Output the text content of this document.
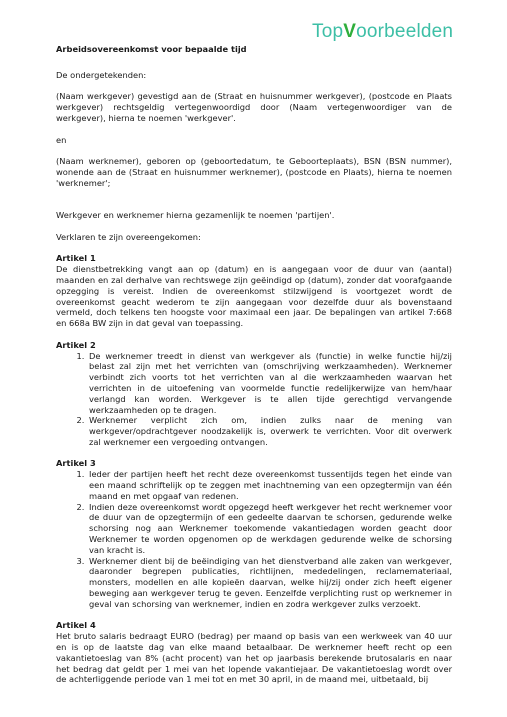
TopVoorbeelden
Arbeidsovereenkomst voor bepaalde tijd

De ondergetekenden:

(Naam werkgever) gevestigd aan de (Straat en huisnummer werkgever), (postcode en Plaats werkgever) rechtsgeldig vertegenwoordigd door (Naam vertegenwoordiger van de werkgever), hierna te noemen 'werkgever'.

en

(Naam werknemer), geboren op (geboortedatum, te Geboorteplaats), BSN (BSN nummer), wonende aan de (Straat en huisnummer werknemer), (postcode en Plaats), hierna te noemen 'werknemer';

Werkgever en werknemer hierna gezamenlijk te noemen 'partijen'.

Verklaren te zijn overeengekomen:

Artikel 1

De dienstbetrekking vangt aan op (datum) en is aangegaan voor de duur van (aantal) maanden en zal derhalve van rechtswege zijn geëindigd op (datum), zonder dat voorafgaande opzegging is vereist. Indien de overeenkomst stilzwijgend is voortgezet wordt de overeenkomst geacht wederom te zijn aangegaan voor dezelfde duur als bovenstaand vermeld, doch telkens ten hoogste voor maximaal een jaar. De bepalingen van artikel 7:668 en 668a BW zijn in dat geval van toepassing.

Artikel 2
1. De werknemer treedt in dienst van werkgever als (functie) in welke functie hij/zij belast zal zijn met het verrichten van (omschrijving werkzaamheden). Werknemer verbindt zich voorts tot het verrichten van al die werkzaamheden waarvan het verrichten in de uitoefening van voormelde functie redelijkerwijze van hem/haar verlangd kan worden. Werkgever is te allen tijde gerechtigd vervangende werkzaamheden op te dragen.
2. Werknemer verplicht zich om, indien zulks naar de mening van werkgever/opdrachtgever noodzakelijk is, overwerk te verrichten. Voor dit overwerk zal werknemer een vergoeding ontvangen.
Artikel 3
1. Ieder der partijen heeft het recht deze overeenkomst tussentijds tegen het einde van een maand schriftelijk op te zeggen met inachtneming van een opzegtermijn van één maand en met opgaaf van redenen.
2. Indien deze overeenkomst wordt opgezegd heeft werkgever het recht werknemer voor de duur van de opzegtermijn of een gedeelte daarvan te schorsen, gedurende welke schorsing nog aan Werknemer toekomende vakantiedagen worden geacht door Werknemer te worden opgenomen op de werkdagen gedurende welke de schorsing van kracht is.
3. Werknemer dient bij de beëindiging van het dienstverband alle zaken van werkgever, daaronder begrepen publicaties, richtlijnen, mededelingen, reclamemateriaal, monsters, modellen en alle kopieën daarvan, welke hij/zij onder zich heeft eigener beweging aan werkgever terug te geven. Eenzelfde verplichting rust op werknemer in geval van schorsing van werknemer, indien en zodra werkgever zulks verzoekt.
Artikel 4

Het bruto salaris bedraagt EURO (bedrag) per maand op basis van een werkweek van 40 uur en is op de laatste dag van elke maand betaalbaar. De werknemer heeft recht op een vakantietoeslag van 8% (acht procent) van het op jaarbasis berekende brutosalaris en naar het bedrag dat geldt per 1 mei van het lopende vakantiejaar. De vakantietoeslag wordt over de achterliggende periode van 1 mei tot en met 30 april, in de maand mei, uitbetaald, bij
